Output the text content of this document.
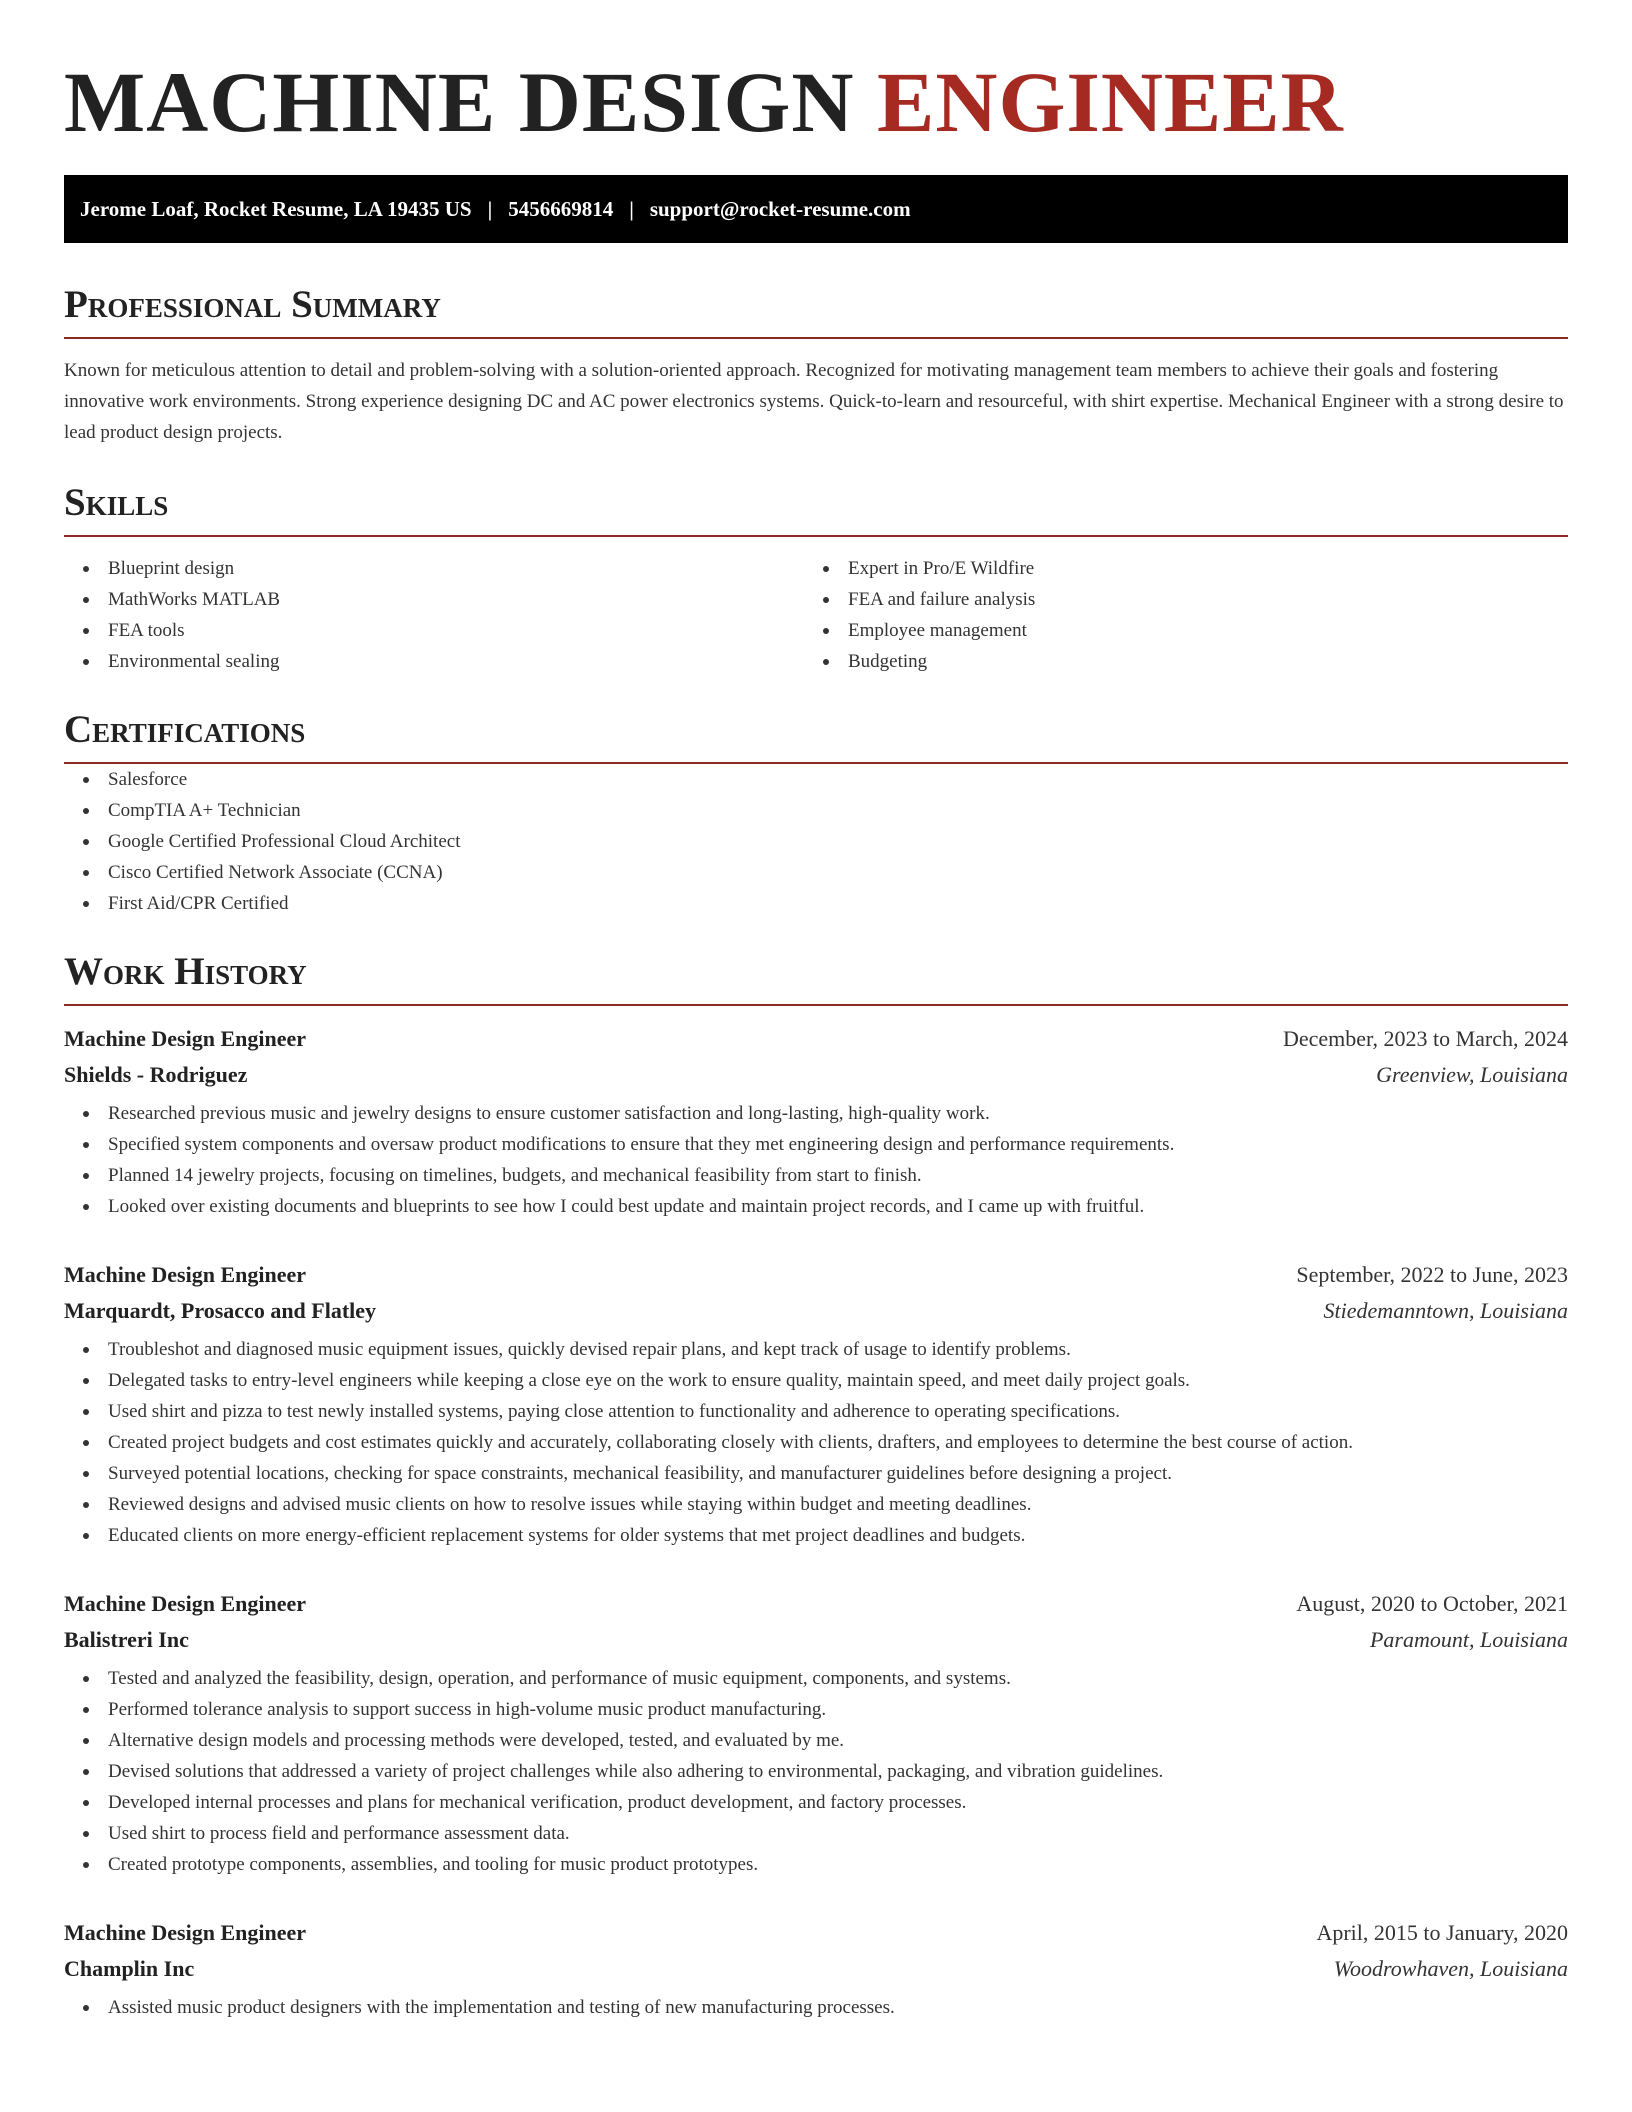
MACHINE DESIGN ENGINEER
Jerome Loaf, Rocket Resume, LA 19435 US | 5456669814 | support@rocket-resume.com
Professional Summary

Known for meticulous attention to detail and problem-solving with a solution-oriented approach. Recognized for motivating management team members to achieve their goals and fostering innovative work environments. Strong experience designing DC and AC power electronics systems. Quick-to-learn and resourceful, with shirt expertise. Mechanical Engineer with a strong desire to lead product design projects.

Skills
Blueprint design
MathWorks MATLAB
FEA tools
Environmental sealing
Expert in Pro/E Wildfire
FEA and failure analysis
Employee management
Budgeting
Certifications
Salesforce
CompTIA A+ Technician
Google Certified Professional Cloud Architect
Cisco Certified Network Associate (CCNA)
First Aid/CPR Certified
Work History
Machine Design Engineer	December, 2023 to March, 2024
Shields - Rodriguez	Greenview, Louisiana
Researched previous music and jewelry designs to ensure customer satisfaction and long-lasting, high-quality work.
Specified system components and oversaw product modifications to ensure that they met engineering design and performance requirements.
Planned 14 jewelry projects, focusing on timelines, budgets, and mechanical feasibility from start to finish.
Looked over existing documents and blueprints to see how I could best update and maintain project records, and I came up with fruitful.
Machine Design Engineer	September, 2022 to June, 2023
Marquardt, Prosacco and Flatley	Stiedemanntown, Louisiana
Troubleshot and diagnosed music equipment issues, quickly devised repair plans, and kept track of usage to identify problems.
Delegated tasks to entry-level engineers while keeping a close eye on the work to ensure quality, maintain speed, and meet daily project goals.
Used shirt and pizza to test newly installed systems, paying close attention to functionality and adherence to operating specifications.
Created project budgets and cost estimates quickly and accurately, collaborating closely with clients, drafters, and employees to determine the best course of action.
Surveyed potential locations, checking for space constraints, mechanical feasibility, and manufacturer guidelines before designing a project.
Reviewed designs and advised music clients on how to resolve issues while staying within budget and meeting deadlines.
Educated clients on more energy-efficient replacement systems for older systems that met project deadlines and budgets.
Machine Design Engineer	August, 2020 to October, 2021
Balistreri Inc	Paramount, Louisiana
Tested and analyzed the feasibility, design, operation, and performance of music equipment, components, and systems.
Performed tolerance analysis to support success in high-volume music product manufacturing.
Alternative design models and processing methods were developed, tested, and evaluated by me.
Devised solutions that addressed a variety of project challenges while also adhering to environmental, packaging, and vibration guidelines.
Developed internal processes and plans for mechanical verification, product development, and factory processes.
Used shirt to process field and performance assessment data.
Created prototype components, assemblies, and tooling for music product prototypes.
Machine Design Engineer	April, 2015 to January, 2020
Champlin Inc	Woodrowhaven, Louisiana
Assisted music product designers with the implementation and testing of new manufacturing processes.
